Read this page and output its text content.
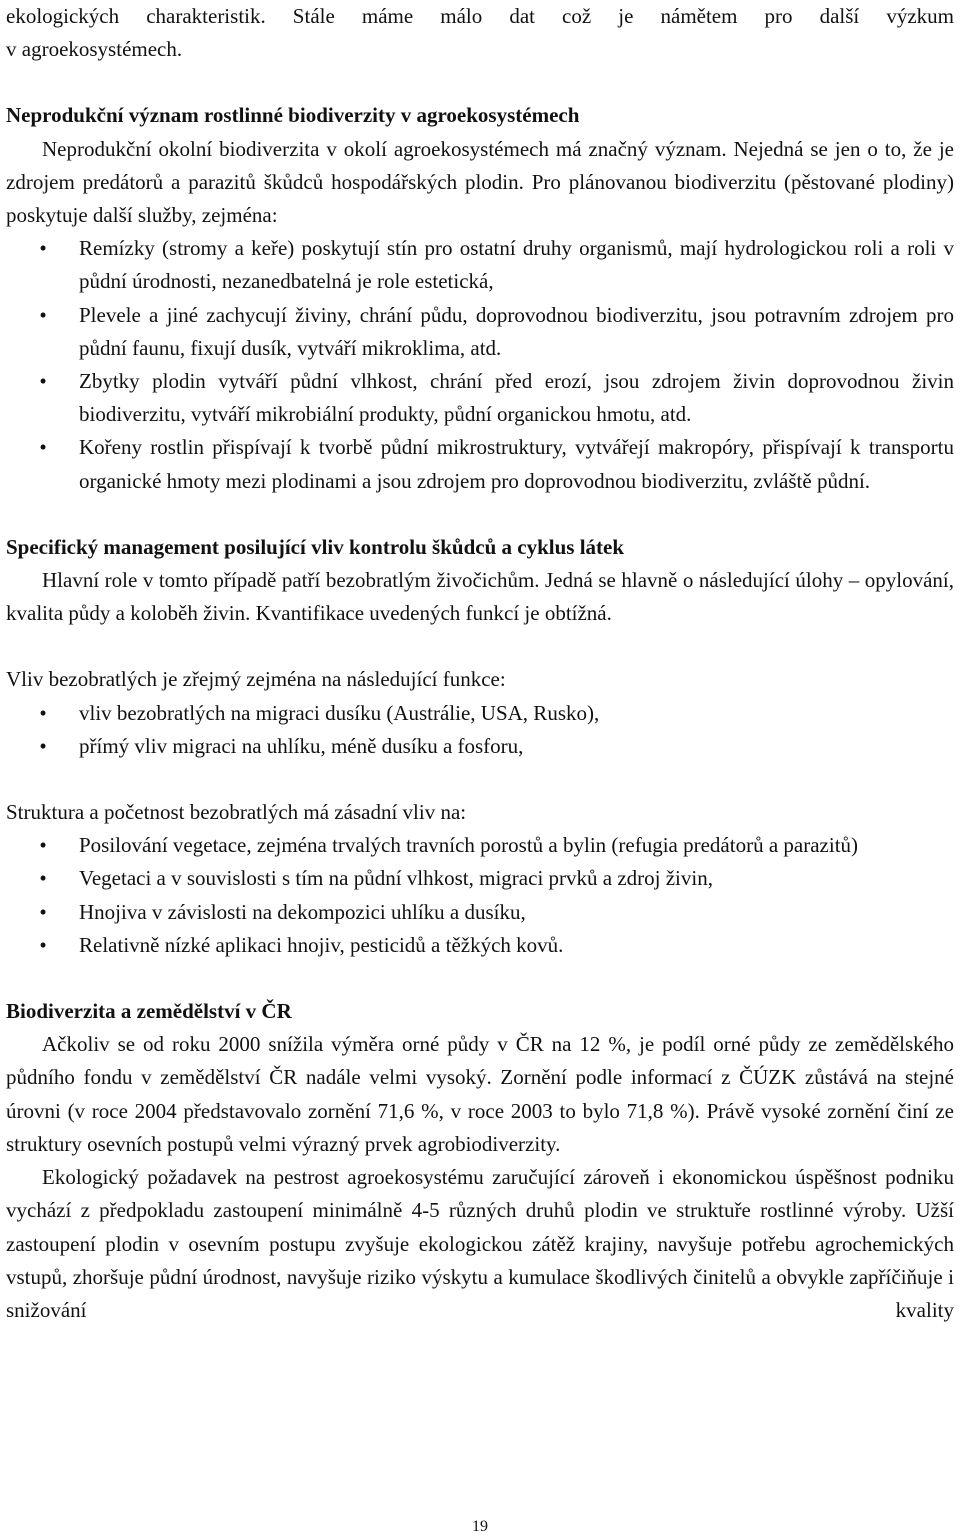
ekologických charakteristik. Stále máme málo dat což je námětem pro další výzkum

v agroekosystémech.

Neprodukční význam rostlinné biodiverzity v agroekosystémech

Neprodukční okolní biodiverzita v okolí agroekosystémech má značný význam. Nejedná se jen o to, že je zdrojem predátorů a parazitů škůdců hospodářských plodin. Pro plánovanou biodiverzitu (pěstované plodiny) poskytuje další služby, zejména:

• Remízky (stromy a keře) poskytují stín pro ostatní druhy organismů, mají hydrologickou roli a roli v půdní úrodnosti, nezanedbatelná je role estetická,
• Plevele a jiné zachycují živiny, chrání půdu, doprovodnou biodiverzitu, jsou potravním zdrojem pro půdní faunu, fixují dusík, vytváří mikroklima, atd.
• Zbytky plodin vytváří půdní vlhkost, chrání před erozí, jsou zdrojem živin doprovodnou živin biodiverzitu, vytváří mikrobiální produkty, půdní organickou hmotu, atd.
• Kořeny rostlin přispívají k tvorbě půdní mikrostruktury, vytvářejí makropóry, přispívají k transportu organické hmoty mezi plodinami a jsou zdrojem pro doprovodnou biodiverzitu, zvláště půdní.

Specifický management posilující vliv kontrolu škůdců a cyklus látek

Hlavní role v tomto případě patří bezobratlým živočichům. Jedná se hlavně o následující úlohy – opylování, kvalita půdy a koloběh živin. Kvantifikace uvedených funkcí je obtížná.

Vliv bezobratlých je zřejmý zejména na následující funkce:

• vliv bezobratlých na migraci dusíku (Austrálie, USA, Rusko),
• přímý vliv migraci na uhlíku, méně dusíku a fosforu,

Struktura a početnost bezobratlých má zásadní vliv na:

• Posilování vegetace, zejména trvalých travních porostů a bylin (refugia predátorů a parazitů)
• Vegetaci a v souvislosti s tím na půdní vlhkost, migraci prvků a zdroj živin,
• Hnojiva v závislosti na dekompozici uhlíku a dusíku,
• Relativně nízké aplikaci hnojiv, pesticidů a těžkých kovů.

Biodiverzita a zemědělství v ČR

Ačkoliv se od roku 2000 snížila výměra orné půdy v ČR na 12 %, je podíl orné půdy ze zemědělského půdního fondu v zemědělství ČR nadále velmi vysoký. Zornění podle informací z ČÚZK zůstává na stejné úrovni (v roce 2004 představovalo zornění 71,6 %, v roce 2003 to bylo 71,8 %). Právě vysoké zornění činí ze struktury osevních postupů velmi výrazný prvek agrobiodiverzity.

Ekologický požadavek na pestrost agroekosystému zaručující zároveň i ekonomickou úspěšnost podniku vychází z předpokladu zastoupení minimálně 4-5 různých druhů plodin ve struktuře rostlinné výroby. Užší zastoupení plodin v osevním postupu zvyšuje ekologickou zátěž krajiny, navyšuje potřebu agrochemických vstupů, zhoršuje půdní úrodnost, navyšuje riziko výskytu a kumulace škodlivých činitelů a obvykle zapříčiňuje i snižování kvality

19
